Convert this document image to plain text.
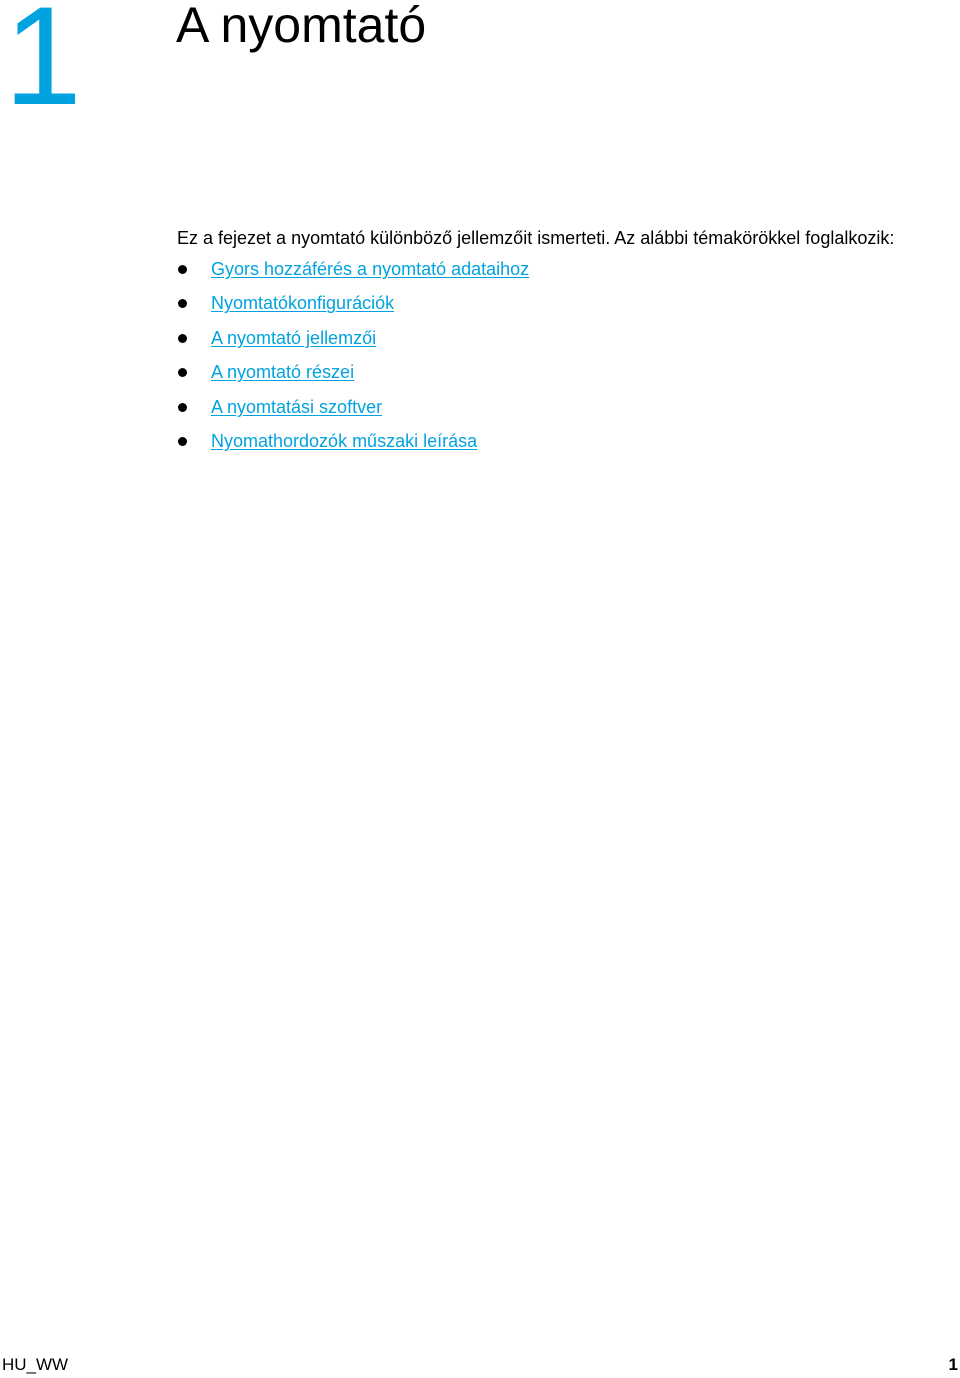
1 A nyomtató

Ez a fejezet a nyomtató különböző jellemzőit ismerteti. Az alábbi témakörökkel foglalkozik:

Gyors hozzáférés a nyomtató adataihoz
Nyomtatókonfigurációk
A nyomtató jellemzői
A nyomtató részei
A nyomtatási szoftver
Nyomathordozók műszaki leírása
HU_WW	1
